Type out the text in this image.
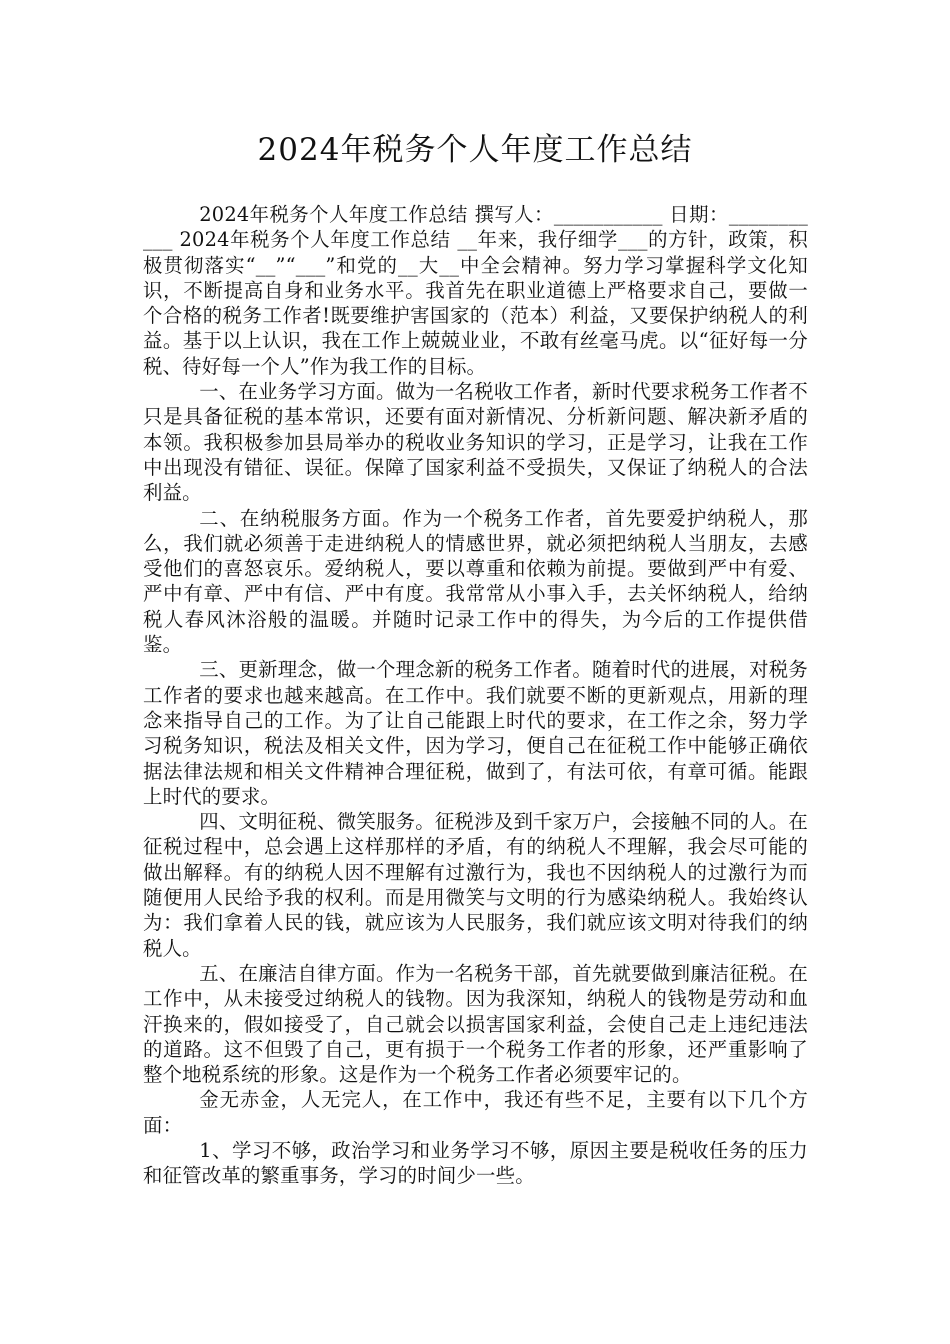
2024年税务个人年度工作总结

2024年税务个人年度工作总结 撰写人：___________ 日期：___________ 2024年税务个人年度工作总结 __年来，我仔细学___的方针，政策，积极贯彻落实“__”“___”和党的__大__中全会精神。努力学习掌握科学文化知识，不断提高自身和业务水平。我首先在职业道德上严格要求自己，要做一个合格的税务工作者!既要维护害国家的（范本）利益，又要保护纳税人的利益。基于以上认识，我在工作上兢兢业业，不敢有丝毫马虎。以“征好每一分税、待好每一个人”作为我工作的目标。

一、在业务学习方面。做为一名税收工作者，新时代要求税务工作者不只是具备征税的基本常识，还要有面对新情况、分析新问题、解决新矛盾的本领。我积极参加县局举办的税收业务知识的学习，正是学习，让我在工作中出现没有错征、误征。保障了国家利益不受损失，又保证了纳税人的合法利益。

二、在纳税服务方面。作为一个税务工作者，首先要爱护纳税人，那么，我们就必须善于走进纳税人的情感世界，就必须把纳税人当朋友，去感受他们的喜怒哀乐。爱纳税人，要以尊重和依赖为前提。要做到严中有爱、严中有章、严中有信、严中有度。我常常从小事入手，去关怀纳税人，给纳税人春风沐浴般的温暖。并随时记录工作中的得失，为今后的工作提供借鉴。

三、更新理念，做一个理念新的税务工作者。随着时代的进展，对税务工作者的要求也越来越高。在工作中。我们就要不断的更新观点，用新的理念来指导自己的工作。为了让自己能跟上时代的要求，在工作之余，努力学习税务知识，税法及相关文件，因为学习，便自己在征税工作中能够正确依据法律法规和相关文件精神合理征税，做到了，有法可依，有章可循。能跟上时代的要求。

四、文明征税、微笑服务。征税涉及到千家万户，会接触不同的人。在征税过程中，总会遇上这样那样的矛盾，有的纳税人不理解，我会尽可能的做出解释。有的纳税人因不理解有过激行为，我也不因纳税人的过激行为而随便用人民给予我的权利。而是用微笑与文明的行为感染纳税人。我始终认为：我们拿着人民的钱，就应该为人民服务，我们就应该文明对待我们的纳税人。

五、在廉洁自律方面。作为一名税务干部，首先就要做到廉洁征税。在工作中，从未接受过纳税人的钱物。因为我深知，纳税人的钱物是劳动和血汗换来的，假如接受了，自己就会以损害国家利益，会使自己走上违纪违法的道路。这不但毁了自己，更有损于一个税务工作者的形象，还严重影响了整个地税系统的形象。这是作为一个税务工作者必须要牢记的。

金无赤金，人无完人，在工作中，我还有些不足，主要有以下几个方面：

1、学习不够，政治学习和业务学习不够，原因主要是税收任务的压力和征管改革的繁重事务，学习的时间少一些。
